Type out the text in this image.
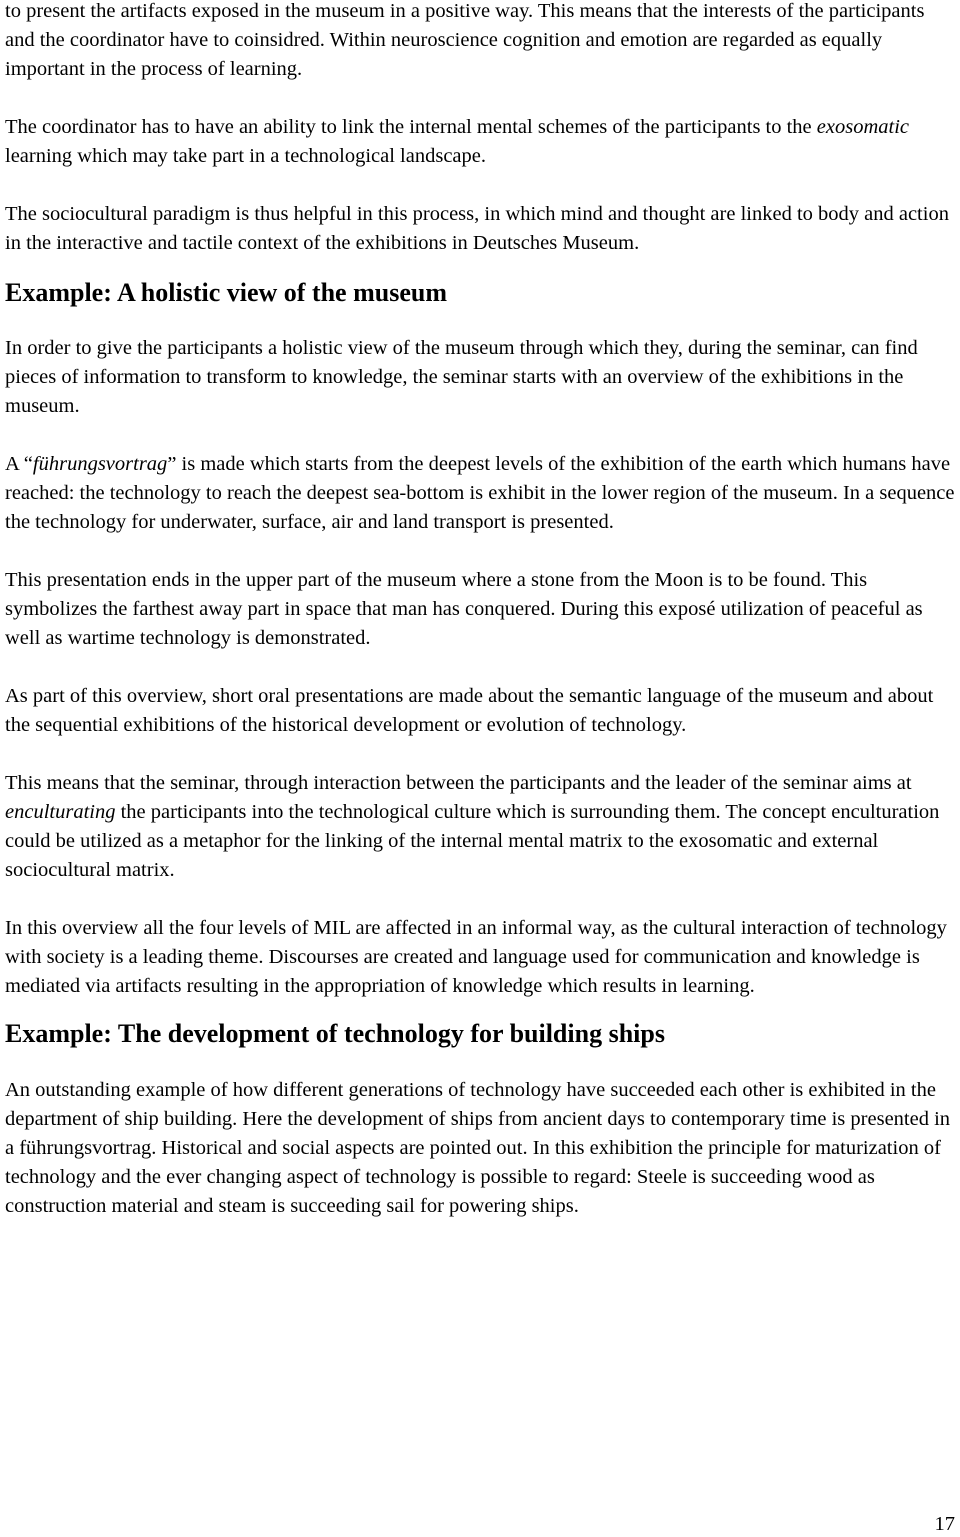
to present the artifacts exposed in the museum in a positive way. This means that the interests of the participants and the coordinator have to coinsidred. Within neuroscience cognition and emotion are regarded as equally important in the process of learning.

The coordinator has to have an ability to link the internal mental schemes of the participants to the exosomatic learning which may take part in a technological landscape.

The sociocultural paradigm is thus helpful in this process, in which mind and thought are linked to body and action in the interactive and tactile context of the exhibitions in Deutsches Museum.

Example: A holistic view of the museum

In order to give the participants a holistic view of the museum through which they, during the seminar, can find pieces of information to transform to knowledge, the seminar starts with an overview of the exhibitions in the museum.

A “führungsvortrag” is made which starts from the deepest levels of the exhibition of the earth which humans have reached: the technology to reach the deepest sea-bottom is exhibit in the lower region of the museum. In a sequence the technology for underwater, surface, air and land transport is presented.

This presentation ends in the upper part of the museum where a stone from the Moon is to be found. This symbolizes the farthest away part in space that man has conquered. During this exposé utilization of peaceful as well as wartime technology is demonstrated.

As part of this overview, short oral presentations are made about the semantic language of the museum and about the sequential exhibitions of the historical development or evolution of technology.

This means that the seminar, through interaction between the participants and the leader of the seminar aims at enculturating the participants into the technological culture which is surrounding them. The concept enculturation could be utilized as a metaphor for the linking of the internal mental matrix to the exosomatic and external sociocultural matrix.

In this overview all the four levels of MIL are affected in an informal way, as the cultural interaction of technology with society is a leading theme. Discourses are created and language used for communication and knowledge is mediated via artifacts resulting in the appropriation of knowledge which results in learning.

Example: The development of technology for building ships

An outstanding example of how different generations of technology have succeeded each other is exhibited in the department of ship building. Here the development of ships from ancient days to contemporary time is presented in a führungsvortrag. Historical and social aspects are pointed out. In this exhibition the principle for maturization of technology and the ever changing aspect of technology is possible to regard: Steele is succeeding wood as construction material and steam is succeeding sail for powering ships.

17
